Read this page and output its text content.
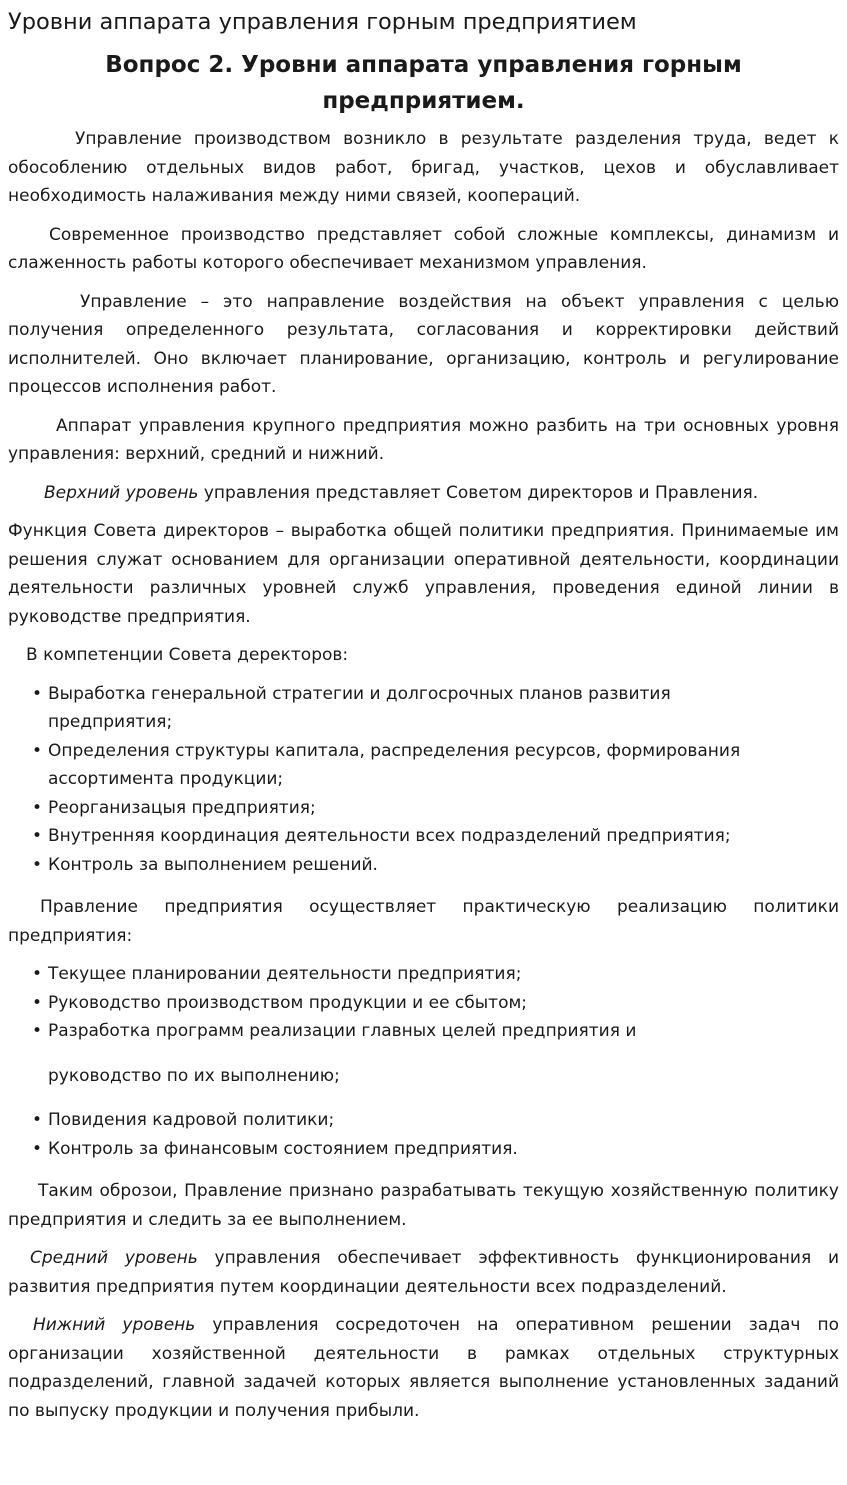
Уровни аппарата управления горным предприятием
Вопрос 2. Уровни аппарата управления горным предприятием.

Управление производством возникло в результате разделения труда, ведет к обособлению отдельных видов работ, бригад, участков, цехов и обуславливает необходимость налаживания между ними связей, коопераций.

Современное производство представляет собой сложные комплексы, динамизм и слаженность работы которого обеспечивает механизмом управления.

Управление – это направление воздействия на объект управления с целью получения определенного результата, согласования и корректировки действий исполнителей. Оно включает планирование, организацию, контроль и регулирование процессов исполнения работ.

Аппарат управления крупного предприятия можно разбить на три основных уровня управления: верхний, средний и нижний.

Верхний уровень управления представляет Советом директоров и Правления.

Функция Совета директоров – выработка общей политики предприятия. Принимаемые им решения служат основанием для организации оперативной деятельности, координации деятельности различных уровней служб управления, проведения единой линии в руководстве предприятия.

В компетенции Совета деректоров:

• Выработка генеральной стратегии и долгосрочных планов развития предприятия;
• Определения структуры капитала, распределения ресурсов, формирования ассортимента продукции;
• Реорганизацыя предприятия;
• Внутренняя координация деятельности всех подразделений предприятия;
• Контроль за выполнением решений.

Правление предприятия осуществляет практическую реализацию политики предприятия:

• Текущее планировании деятельности предприятия;
• Руководство производством продукции и ее сбытом;
• Разработка программ реализации главных целей предприятия и
руководство по их выполнению;
• Повидения кадровой политики;
• Контроль за финансовым состоянием предприятия.

Таким оброзои, Правление признано разрабатывать текущую хозяйственную политику предприятия и следить за ее выполнением.

Средний уровень управления обеспечивает эффективность функционирования и развития предприятия путем координации деятельности всех подразделений.

Нижний уровень управления сосредоточен на оперативном решении задач по организации хозяйственной деятельности в рамках отдельных структурных подразделений, главной задачей которых является выполнение установленных заданий по выпуску продукции и получения прибыли.
